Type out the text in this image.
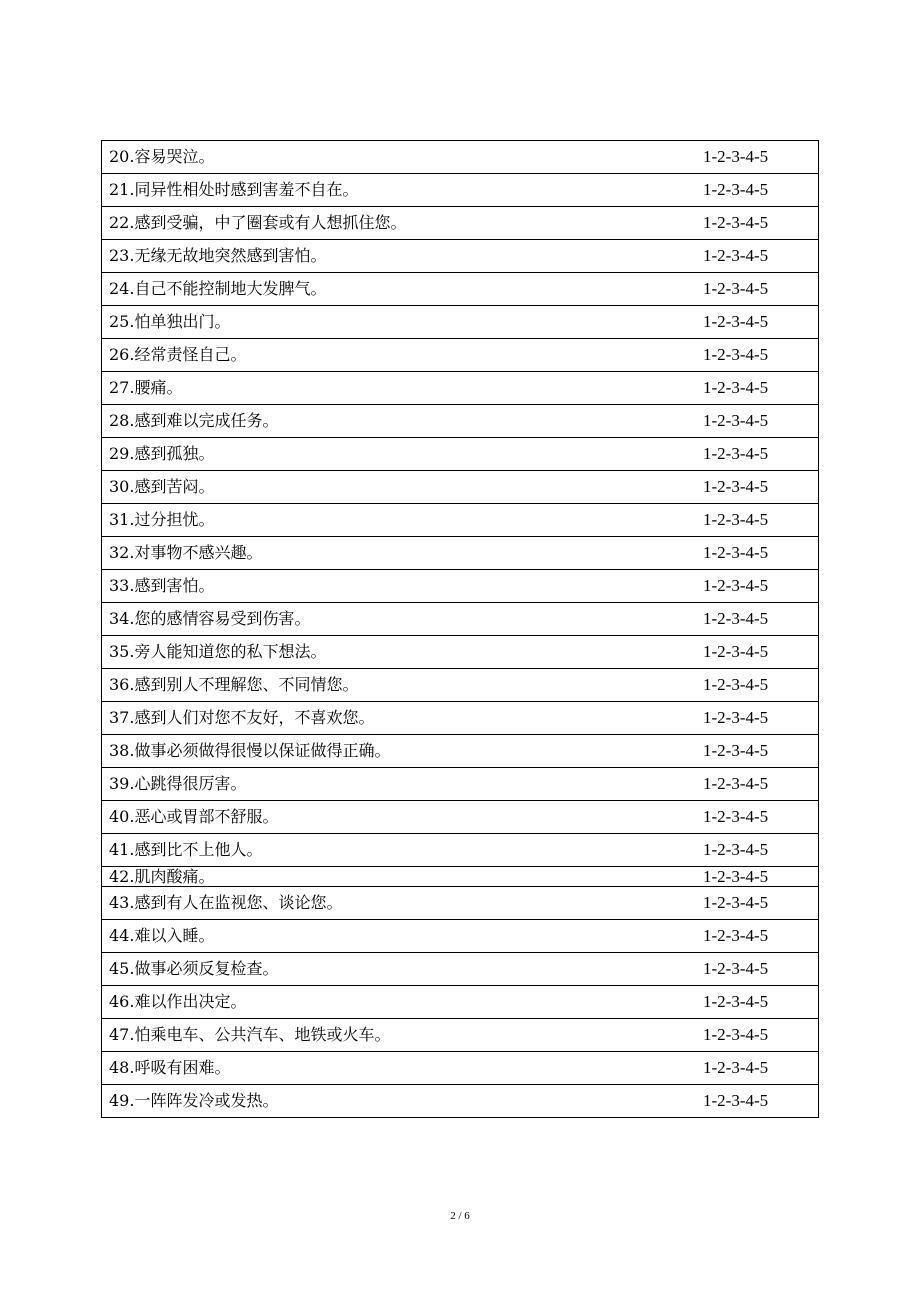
20.容易哭泣。	1-2-3-4-5
21.同异性相处时感到害羞不自在。	1-2-3-4-5
22.感到受骗，中了圈套或有人想抓住您。	1-2-3-4-5
23.无缘无故地突然感到害怕。	1-2-3-4-5
24.自己不能控制地大发脾气。	1-2-3-4-5
25.怕单独出门。	1-2-3-4-5
26.经常责怪自己。	1-2-3-4-5
27.腰痛。	1-2-3-4-5
28.感到难以完成任务。	1-2-3-4-5
29.感到孤独。	1-2-3-4-5
30.感到苦闷。	1-2-3-4-5
31.过分担忧。	1-2-3-4-5
32.对事物不感兴趣。	1-2-3-4-5
33.感到害怕。	1-2-3-4-5
34.您的感情容易受到伤害。	1-2-3-4-5
35.旁人能知道您的私下想法。	1-2-3-4-5
36.感到别人不理解您、不同情您。	1-2-3-4-5
37.感到人们对您不友好，不喜欢您。	1-2-3-4-5
38.做事必须做得很慢以保证做得正确。	1-2-3-4-5
39.心跳得很厉害。	1-2-3-4-5
40.恶心或胃部不舒服。	1-2-3-4-5
41.感到比不上他人。	1-2-3-4-5
42.肌肉酸痛。	1-2-3-4-5
43.感到有人在监视您、谈论您。	1-2-3-4-5
44.难以入睡。	1-2-3-4-5
45.做事必须反复检查。	1-2-3-4-5
46.难以作出决定。	1-2-3-4-5
47.怕乘电车、公共汽车、地铁或火车。	1-2-3-4-5
48.呼吸有困难。	1-2-3-4-5
49.一阵阵发冷或发热。	1-2-3-4-5
2 / 6
